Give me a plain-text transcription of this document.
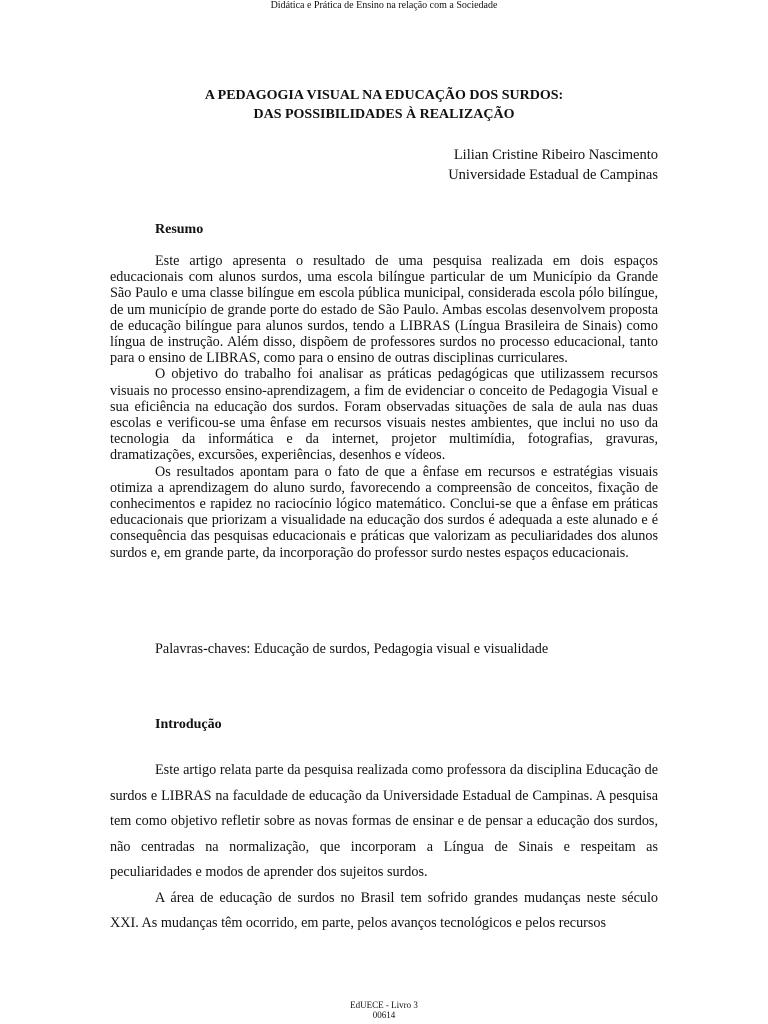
Didática e Prática de Ensino na relação com a Sociedade
A PEDAGOGIA VISUAL NA EDUCAÇÃO DOS SURDOS:
DAS POSSIBILIDADES À REALIZAÇÃO
Lilian Cristine Ribeiro Nascimento
Universidade Estadual de Campinas
Resumo

Este artigo apresenta o resultado de uma pesquisa realizada em dois espaços educacionais com alunos surdos, uma escola bilíngue particular de um Município da Grande São Paulo e uma classe bilíngue em escola pública municipal, considerada escola pólo bilíngue, de um município de grande porte do estado de São Paulo. Ambas escolas desenvolvem proposta de educação bilíngue para alunos surdos, tendo a LIBRAS (Língua Brasileira de Sinais) como língua de instrução. Além disso, dispõem de professores surdos no processo educacional, tanto para o ensino de LIBRAS, como para o ensino de outras disciplinas curriculares.

O objetivo do trabalho foi analisar as práticas pedagógicas que utilizassem recursos visuais no processo ensino-aprendizagem, a fim de evidenciar o conceito de Pedagogia Visual e sua eficiência na educação dos surdos. Foram observadas situações de sala de aula nas duas escolas e verificou-se uma ênfase em recursos visuais nestes ambientes, que inclui no uso da tecnologia da informática e da internet, projetor multimídia, fotografias, gravuras, dramatizações, excursões, experiências, desenhos e vídeos.

Os resultados apontam para o fato de que a ênfase em recursos e estratégias visuais otimiza a aprendizagem do aluno surdo, favorecendo a compreensão de conceitos, fixação de conhecimentos e rapidez no raciocínio lógico matemático. Conclui-se que a ênfase em práticas educacionais que priorizam a visualidade na educação dos surdos é adequada a este alunado e é consequência das pesquisas educacionais e práticas que valorizam as peculiaridades dos alunos surdos e, em grande parte, da incorporação do professor surdo nestes espaços educacionais.

Palavras-chaves: Educação de surdos, Pedagogia visual e visualidade
Introdução

Este artigo relata parte da pesquisa realizada como professora da disciplina Educação de surdos e LIBRAS na faculdade de educação da Universidade Estadual de Campinas. A pesquisa tem como objetivo refletir sobre as novas formas de ensinar e de pensar a educação dos surdos, não centradas na normalização, que incorporam a Língua de Sinais e respeitam as peculiaridades e modos de aprender dos sujeitos surdos.

A área de educação de surdos no Brasil tem sofrido grandes mudanças neste século XXI. As mudanças têm ocorrido, em parte, pelos avanços tecnológicos e pelos recursos

EdUECE - Livro 3
00614
